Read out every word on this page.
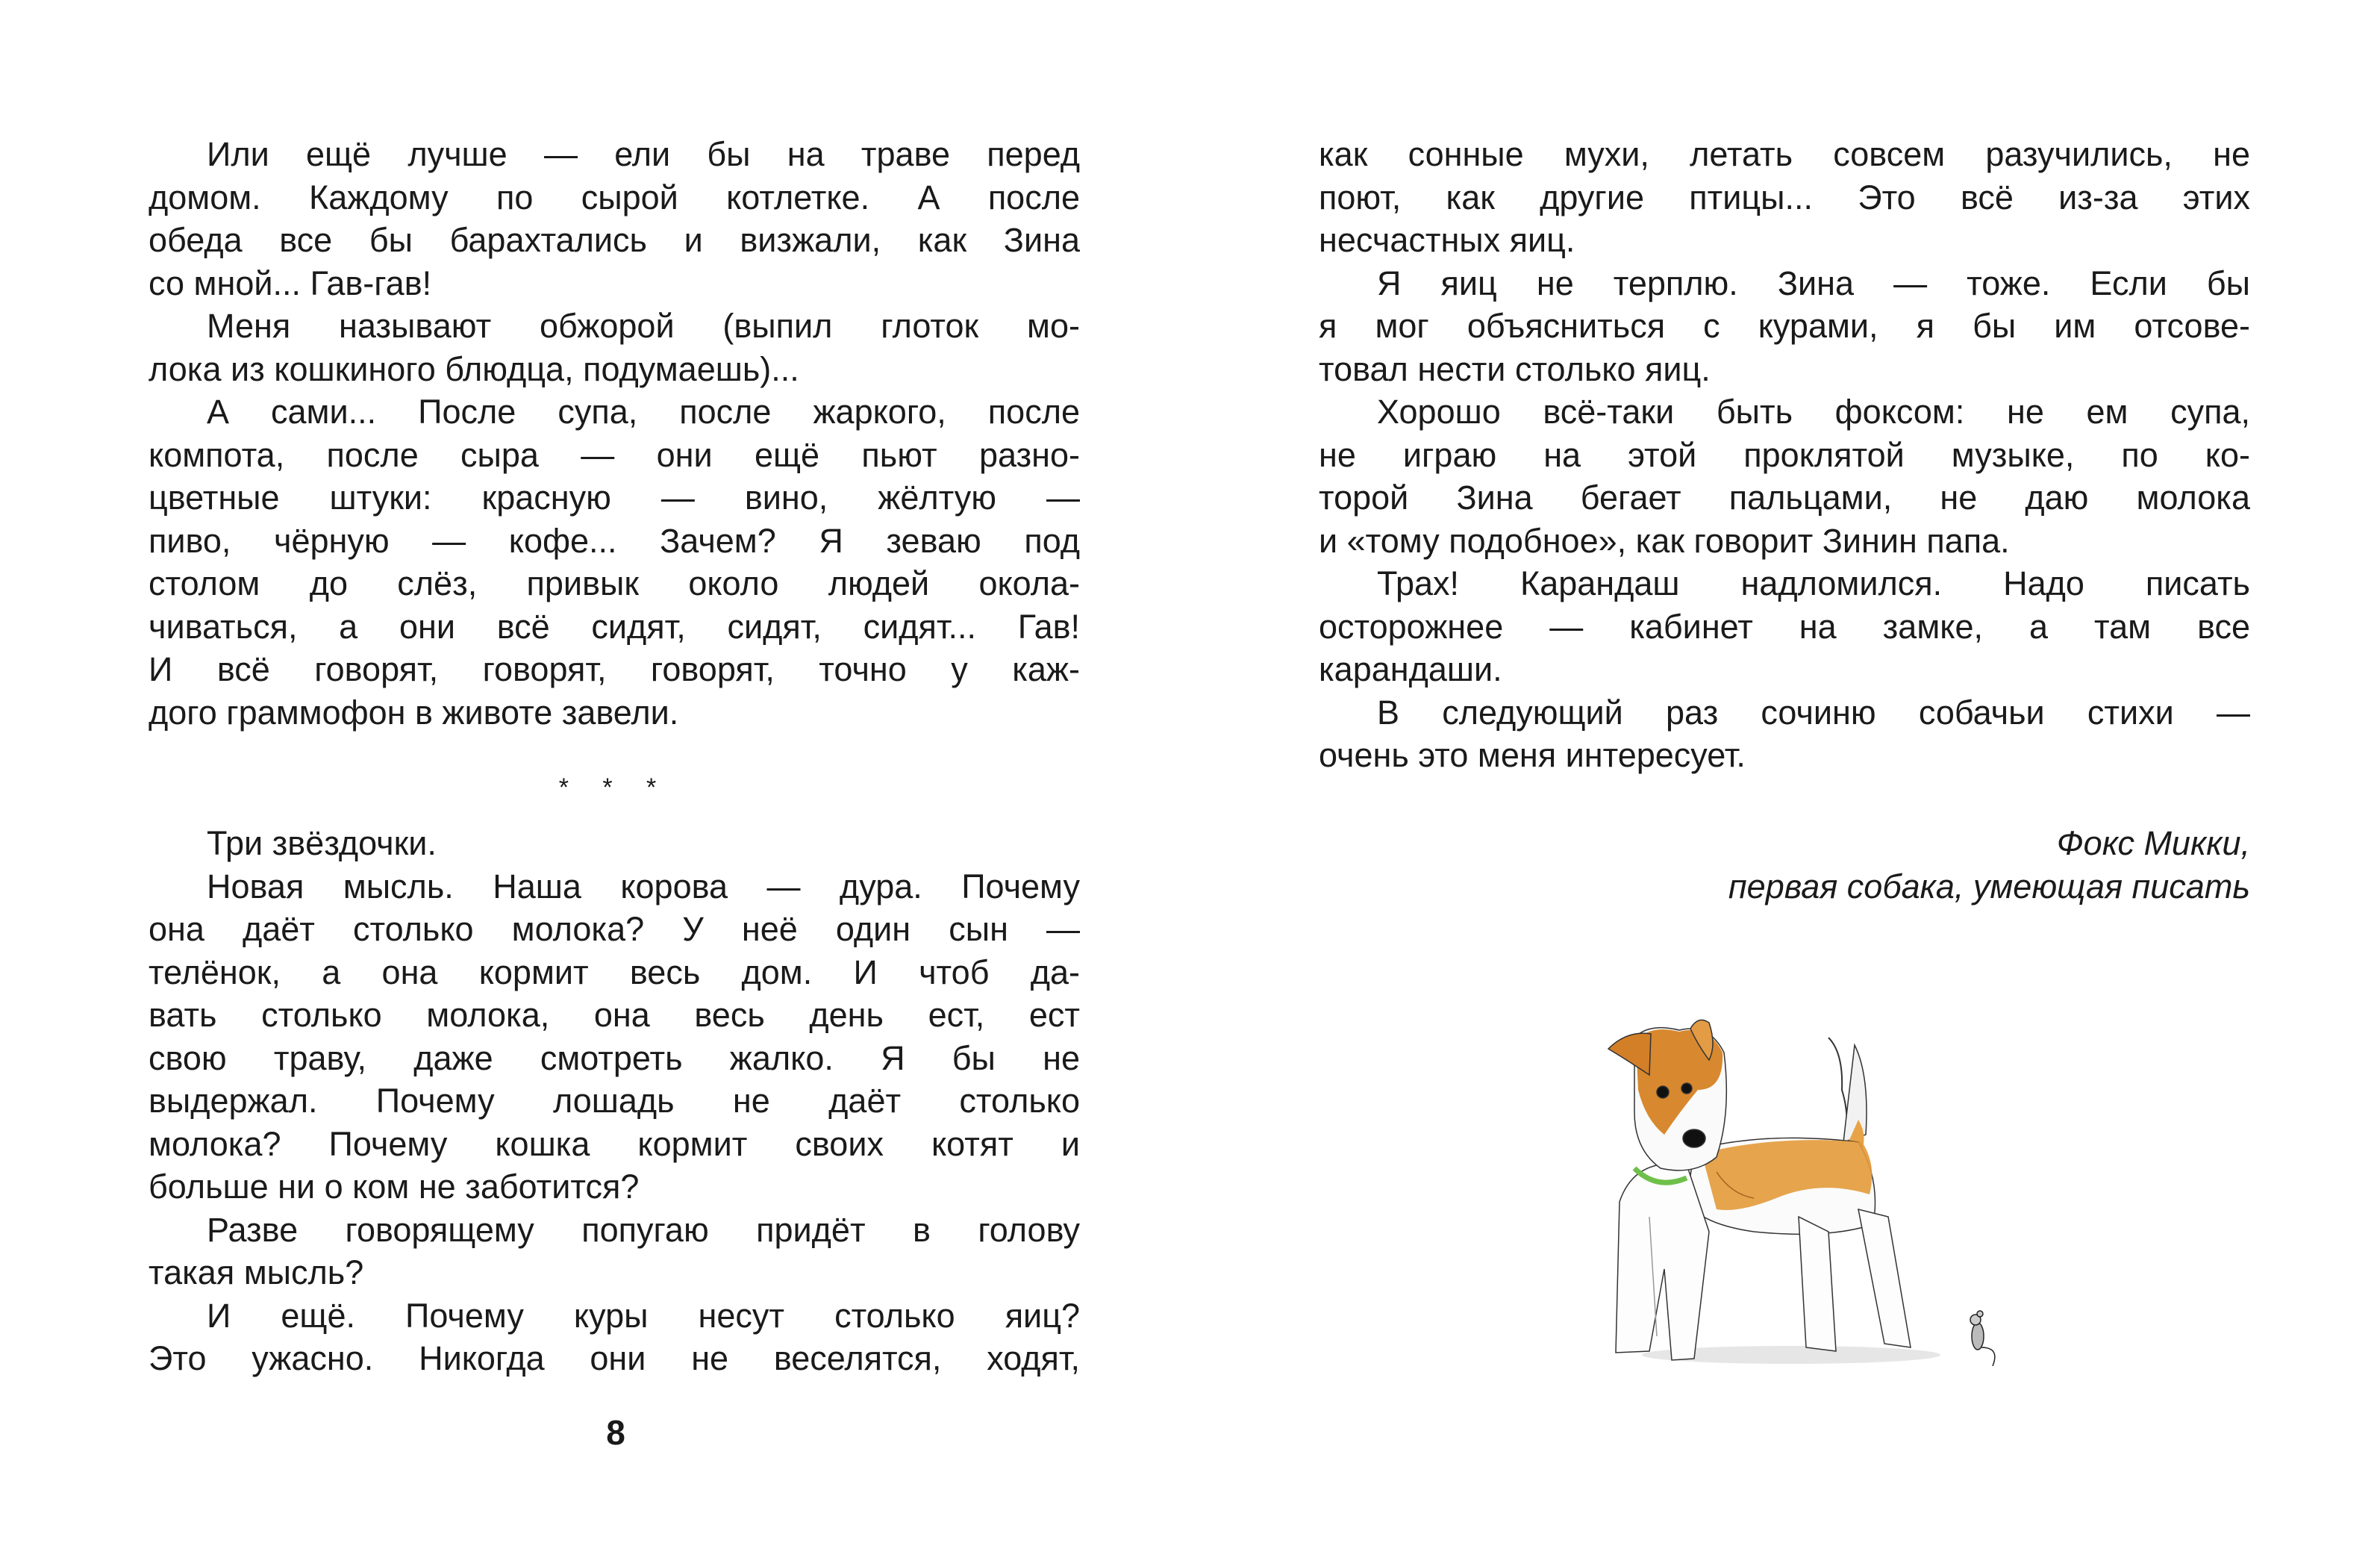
Или ещё лучше — ели бы на траве перед
домом. Каждому по сырой котлетке. А после
обеда все бы барахтались и визжали, как Зина
со мной... Гав-гав!
Меня называют обжорой (выпил глоток мо-
лока из кошкиного блюдца, подумаешь)...
А сами... После супа, после жаркого, после
компота, после сыра — они ещё пьют разно-
цветные штуки: красную — вино, жёлтую —
пиво, чёрную — кофе... Зачем? Я зеваю под
столом до слёз, привык около людей окола-
чиваться, а они всё сидят, сидят, сидят... Гав!
И всё говорят, говорят, говорят, точно у каж-
дого граммофон в животе завели.
* * *
Три звёздочки.
Новая мысль. Наша корова — дура. Почему
она даёт столько молока? У неё один сын —
телёнок, а она кормит весь дом. И чтоб да-
вать столько молока, она весь день ест, ест
свою траву, даже смотреть жалко. Я бы не
выдержал. Почему лошадь не даёт столько
молока? Почему кошка кормит своих котят и
больше ни о ком не заботится?
Разве говорящему попугаю придёт в голову
такая мысль?
И ещё. Почему куры несут столько яиц?
Это ужасно. Никогда они не веселятся, ходят,
8
как сонные мухи, летать совсем разучились, не
поют, как другие птицы... Это всё из-за этих
несчастных яиц.
Я яиц не терплю. Зина — тоже. Если бы
я мог объясниться с курами, я бы им отсове-
товал нести столько яиц.
Хорошо всё-таки быть фоксом: не ем супа,
не играю на этой проклятой музыке, по ко-
торой Зина бегает пальцами, не даю молока
и «тому подобное», как говорит Зинин папа.
Трах! Карандаш надломился. Надо писать
осторожнее — кабинет на замке, а там все
карандаши.
В следующий раз сочиню собачьи стихи —
очень это меня интересует.
Фокс Микки,
первая собака, умеющая писать
